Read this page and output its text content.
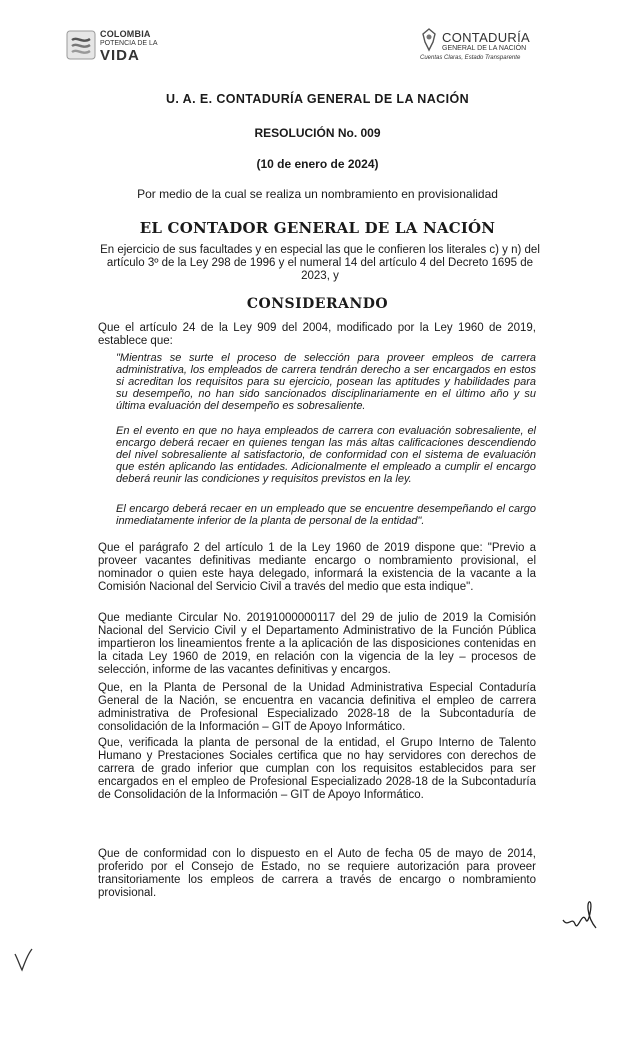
COLOMBIA
POTENCIA DE LA
VIDA
CONTADURÍA
GENERAL DE LA NACIÓN
Cuentas Claras, Estado Transparente
U. A. E. CONTADURÍA GENERAL DE LA NACIÓN
RESOLUCIÓN No. 009
(10 de enero de 2024)
Por medio de la cual se realiza un nombramiento en provisionalidad
EL CONTADOR GENERAL DE LA NACIÓN
En ejercicio de sus facultades y en especial las que le confieren los literales c) y n) del artículo 3º de la Ley 298 de 1996 y el numeral 14 del artículo 4 del Decreto 1695 de 2023, y
CONSIDERANDO
Que el artículo 24 de la Ley 909 del 2004, modificado por la Ley 1960 de 2019, establece que:
"Mientras se surte el proceso de selección para proveer empleos de carrera administrativa, los empleados de carrera tendrán derecho a ser encargados en estos si acreditan los requisitos para su ejercicio, posean las aptitudes y habilidades para su desempeño, no han sido sancionados disciplinariamente en el último año y su última evaluación del desempeño es sobresaliente.
En el evento en que no haya empleados de carrera con evaluación sobresaliente, el encargo deberá recaer en quienes tengan las más altas calificaciones descendiendo del nivel sobresaliente al satisfactorio, de conformidad con el sistema de evaluación que estén aplicando las entidades. Adicionalmente el empleado a cumplir el encargo deberá reunir las condiciones y requisitos previstos en la ley.
El encargo deberá recaer en un empleado que se encuentre desempeñando el cargo inmediatamente inferior de la planta de personal de la entidad".
Que el parágrafo 2 del artículo 1 de la Ley 1960 de 2019 dispone que: "Previo a proveer vacantes definitivas mediante encargo o nombramiento provisional, el nominador o quien este haya delegado, informará la existencia de la vacante a la Comisión Nacional del Servicio Civil a través del medio que esta indique".
Que mediante Circular No. 20191000000117 del 29 de julio de 2019 la Comisión Nacional del Servicio Civil y el Departamento Administrativo de la Función Pública impartieron los lineamientos frente a la aplicación de las disposiciones contenidas en la citada Ley 1960 de 2019, en relación con la vigencia de la ley – procesos de selección, informe de las vacantes definitivas y encargos.
Que, en la Planta de Personal de la Unidad Administrativa Especial Contaduría General de la Nación, se encuentra en vacancia definitiva el empleo de carrera administrativa de Profesional Especializado 2028-18 de la Subcontaduría de consolidación de la Información – GIT de Apoyo Informático.
Que, verificada la planta de personal de la entidad, el Grupo Interno de Talento Humano y Prestaciones Sociales certifica que no hay servidores con derechos de carrera de grado inferior que cumplan con los requisitos establecidos para ser encargados en el empleo de Profesional Especializado 2028-18 de la Subcontaduría de Consolidación de la Información – GIT de Apoyo Informático.
Que de conformidad con lo dispuesto en el Auto de fecha 05 de mayo de 2014, proferido por el Consejo de Estado, no se requiere autorización para proveer transitoriamente los empleos de carrera a través de encargo o nombramiento provisional.
